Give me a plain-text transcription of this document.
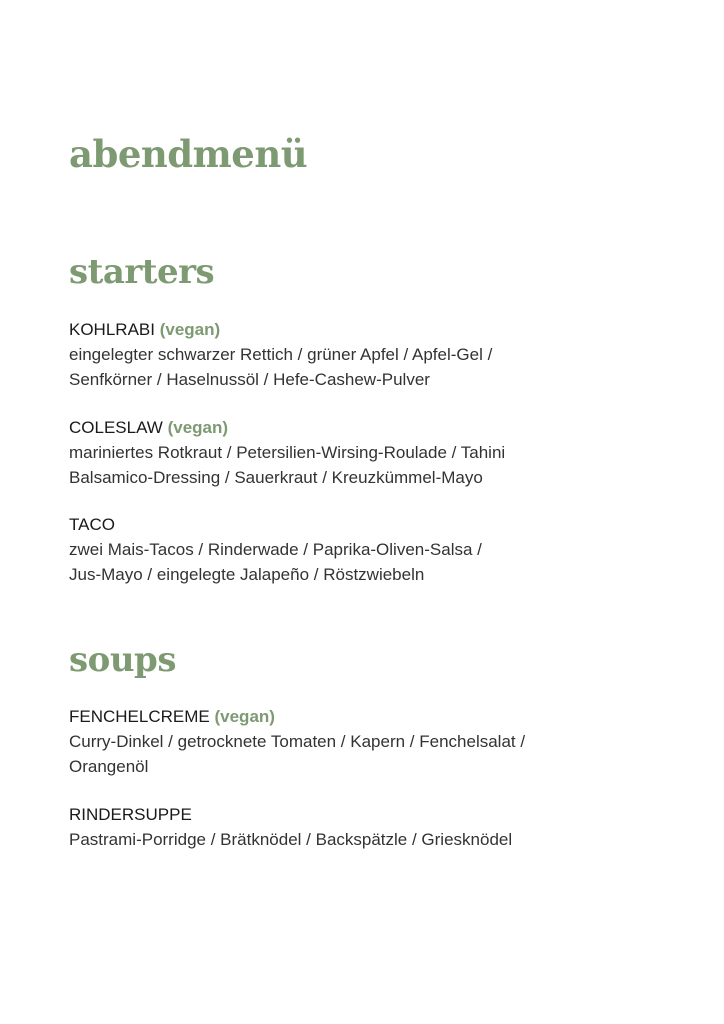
abendmenü
starters
KOHLRABI (vegan)
eingelegter schwarzer Rettich / grüner Apfel / Apfel-Gel /
Senfkörner / Haselnussöl / Hefe-Cashew-Pulver
COLESLAW (vegan)
mariniertes Rotkraut / Petersilien-Wirsing-Roulade / Tahini
Balsamico-Dressing / Sauerkraut / Kreuzkümmel-Mayo
TACO
zwei Mais-Tacos / Rinderwade / Paprika-Oliven-Salsa /
Jus-Mayo / eingelegte Jalapeño / Röstzwiebeln
soups
FENCHELCREME (vegan)
Curry-Dinkel / getrocknete Tomaten / Kapern / Fenchelsalat /
Orangenöl
RINDERSUPPE
Pastrami-Porridge / Brätknödel / Backspätzle / Griesknödel
